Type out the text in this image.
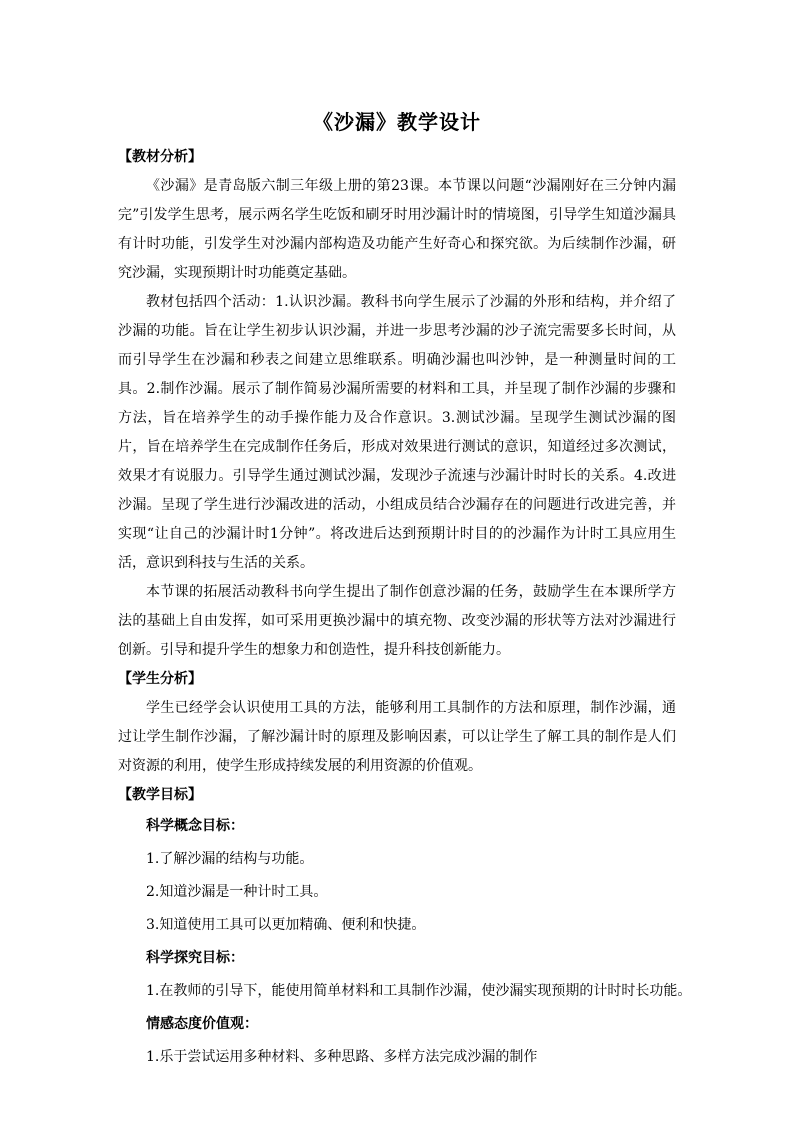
《沙漏》教学设计

【教材分析】

《沙漏》是青岛版六制三年级上册的第23课。本节课以问题“沙漏刚好在三分钟内漏完”引发学生思考，展示两名学生吃饭和刷牙时用沙漏计时的情境图，引导学生知道沙漏具有计时功能，引发学生对沙漏内部构造及功能产生好奇心和探究欲。为后续制作沙漏，研究沙漏，实现预期计时功能奠定基础。

教材包括四个活动：1.认识沙漏。教科书向学生展示了沙漏的外形和结构，并介绍了沙漏的功能。旨在让学生初步认识沙漏，并进一步思考沙漏的沙子流完需要多长时间，从而引导学生在沙漏和秒表之间建立思维联系。明确沙漏也叫沙钟，是一种测量时间的工具。2.制作沙漏。展示了制作简易沙漏所需要的材料和工具，并呈现了制作沙漏的步骤和方法，旨在培养学生的动手操作能力及合作意识。3.测试沙漏。呈现学生测试沙漏的图片，旨在培养学生在完成制作任务后，形成对效果进行测试的意识，知道经过多次测试，效果才有说服力。引导学生通过测试沙漏，发现沙子流速与沙漏计时时长的关系。4.改进沙漏。呈现了学生进行沙漏改进的活动，小组成员结合沙漏存在的问题进行改进完善，并实现“让自己的沙漏计时1分钟”。将改进后达到预期计时目的的沙漏作为计时工具应用生活，意识到科技与生活的关系。

本节课的拓展活动教科书向学生提出了制作创意沙漏的任务，鼓励学生在本课所学方法的基础上自由发挥，如可采用更换沙漏中的填充物、改变沙漏的形状等方法对沙漏进行创新。引导和提升学生的想象力和创造性，提升科技创新能力。

【学生分析】

学生已经学会认识使用工具的方法，能够利用工具制作的方法和原理，制作沙漏，通过让学生制作沙漏，了解沙漏计时的原理及影响因素，可以让学生了解工具的制作是人们对资源的利用，使学生形成持续发展的利用资源的价值观。

【教学目标】

科学概念目标：

1.了解沙漏的结构与功能。

2.知道沙漏是一种计时工具。

3.知道使用工具可以更加精确、便利和快捷。

科学探究目标：

1.在教师的引导下，能使用简单材料和工具制作沙漏，使沙漏实现预期的计时时长功能。

情感态度价值观：

1.乐于尝试运用多种材料、多种思路、多样方法完成沙漏的制作
